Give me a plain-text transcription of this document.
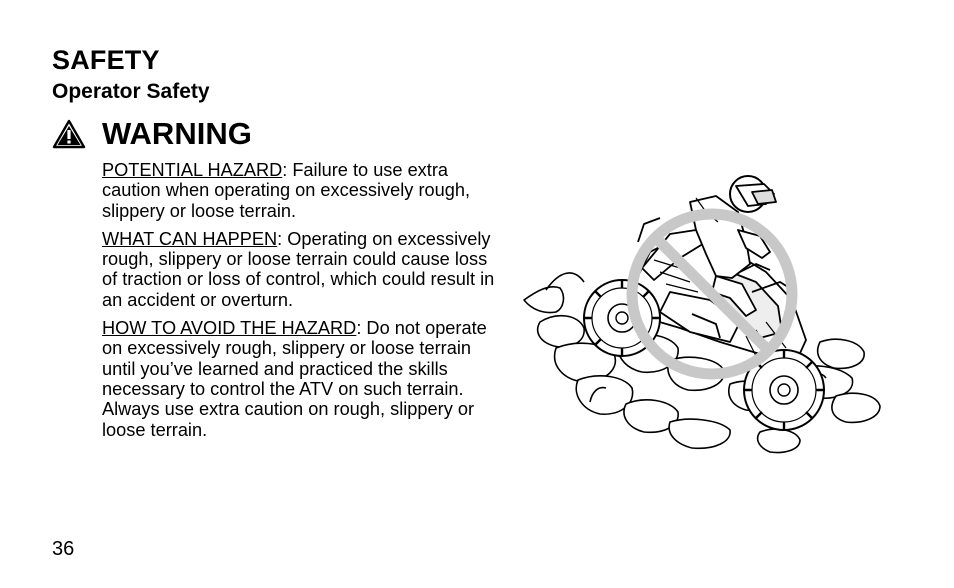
SAFETY
Operator Safety
WARNING

POTENTIAL HAZARD: Failure to use extra caution when operating on excessively rough, slippery or loose terrain.

WHAT CAN HAPPEN: Operating on excessively rough, slippery or loose terrain could cause loss of traction or loss of control, which could result in an accident or overturn.

HOW TO AVOID THE HAZARD: Do not operate on excessively rough, slippery or loose terrain until you’ve learned and practiced the skills necessary to control the ATV on such terrain. Always use extra caution on rough, slippery or loose terrain.

36
